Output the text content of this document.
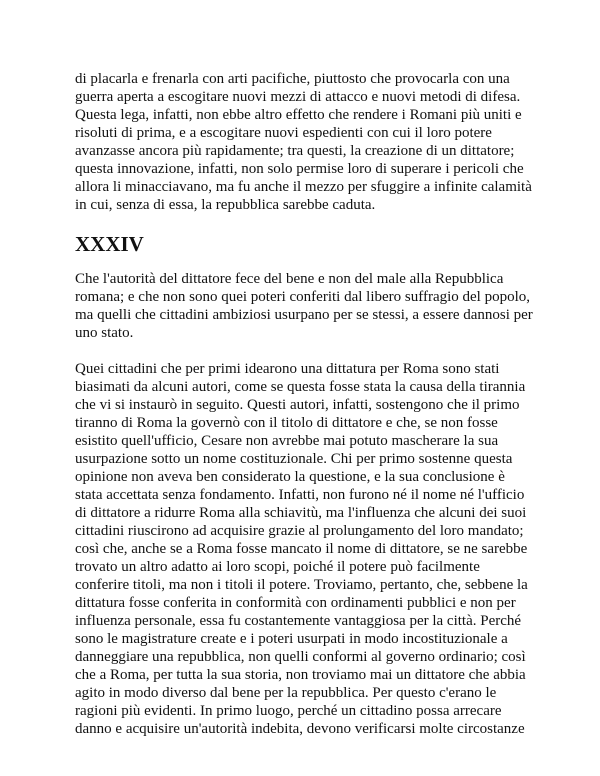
di placarla e frenarla con arti pacifiche, piuttosto che provocarla con una
guerra aperta a escogitare nuovi mezzi di attacco e nuovi metodi di difesa.
Questa lega, infatti, non ebbe altro effetto che rendere i Romani più uniti e
risoluti di prima, e a escogitare nuovi espedienti con cui il loro potere
avanzasse ancora più rapidamente; tra questi, la creazione di un dittatore;
questa innovazione, infatti, non solo permise loro di superare i pericoli che
allora li minacciavano, ma fu anche il mezzo per sfuggire a infinite calamità
in cui, senza di essa, la repubblica sarebbe caduta.
XXXIV
Che l'autorità del dittatore fece del bene e non del male alla Repubblica
romana; e che non sono quei poteri conferiti dal libero suffragio del popolo,
ma quelli che cittadini ambiziosi usurpano per se stessi, a essere dannosi per
uno stato.
Quei cittadini che per primi idearono una dittatura per Roma sono stati
biasimati da alcuni autori, come se questa fosse stata la causa della tirannia
che vi si instaurò in seguito. Questi autori, infatti, sostengono che il primo
tiranno di Roma la governò con il titolo di dittatore e che, se non fosse
esistito quell'ufficio, Cesare non avrebbe mai potuto mascherare la sua
usurpazione sotto un nome costituzionale. Chi per primo sostenne questa
opinione non aveva ben considerato la questione, e la sua conclusione è
stata accettata senza fondamento. Infatti, non furono né il nome né l'ufficio
di dittatore a ridurre Roma alla schiavitù, ma l'influenza che alcuni dei suoi
cittadini riuscirono ad acquisire grazie al prolungamento del loro mandato;
così che, anche se a Roma fosse mancato il nome di dittatore, se ne sarebbe
trovato un altro adatto ai loro scopi, poiché il potere può facilmente
conferire titoli, ma non i titoli il potere. Troviamo, pertanto, che, sebbene la
dittatura fosse conferita in conformità con ordinamenti pubblici e non per
influenza personale, essa fu costantemente vantaggiosa per la città. Perché
sono le magistrature create e i poteri usurpati in modo incostituzionale a
danneggiare una repubblica, non quelli conformi al governo ordinario; così
che a Roma, per tutta la sua storia, non troviamo mai un dittatore che abbia
agito in modo diverso dal bene per la repubblica. Per questo c'erano le
ragioni più evidenti. In primo luogo, perché un cittadino possa arrecare
danno e acquisire un'autorità indebita, devono verificarsi molte circostanze
